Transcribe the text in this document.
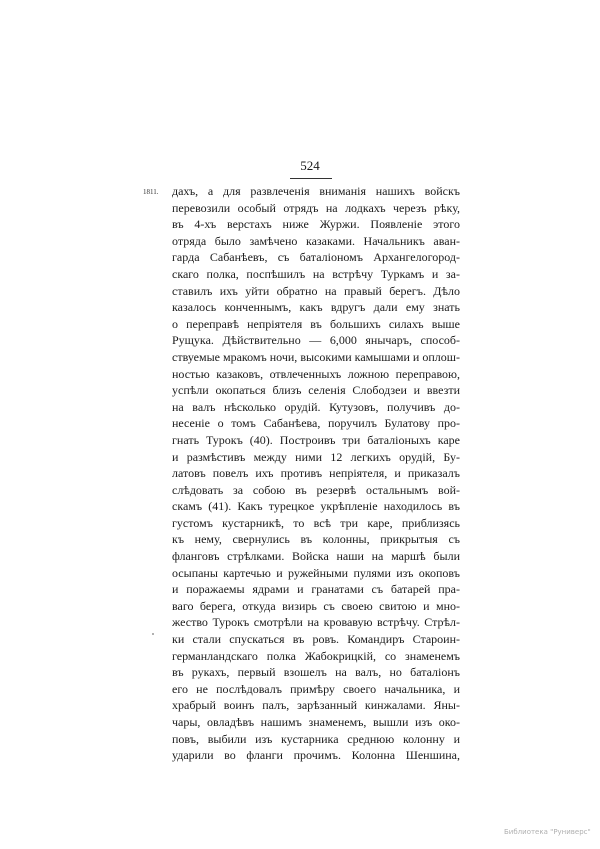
524
1811. дахъ, а для развлеченія вниманія нашихъ войскъ
перевозили особый отрядъ на лодкахъ черезъ рѣку,
въ 4-хъ верстахъ ниже Журжи. Появленіе этого
отряда было замѣчено казаками. Начальникъ аван-
гарда Сабанѣевъ, съ баталіономъ Архангелогород-
скаго полка, поспѣшилъ на встрѣчу Туркамъ и за-
ставилъ ихъ уйти обратно на правый берегъ. Дѣло
казалось конченнымъ, какъ вдругъ дали ему знать
о переправѣ непріятеля въ большихъ силахъ выше
Рущука. Дѣйствительно — 6,000 янычаръ, способ-
ствуемые мракомъ ночи, высокими камышами и оплош-
ностью казаковъ, отвлеченныхъ ложною переправою,
успѣли окопаться близъ селенія Слободзеи и ввезти
на валъ нѣсколько орудій. Кутузовъ, получивъ до-
несеніе о томъ Сабанѣева, поручилъ Булатову про-
гнать Турокъ (40). Построивъ три баталіоныхъ каре
и размѣстивъ между ними 12 легкихъ орудій, Бу-
латовъ повелъ ихъ противъ непріятеля, и приказалъ
слѣдовать за собою въ резервѣ остальнымъ вой-
скамъ (41). Какъ турецкое укрѣпленіе находилось въ
густомъ кустарникѣ, то всѣ три каре, приблизясь
къ нему, свернулись въ колонны, прикрытыя съ
фланговъ стрѣлками. Войска наши на маршѣ были
осыпаны картечью и ружейными пулями изъ окоповъ
и поражаемы ядрами и гранатами съ батарей пра-
ваго берега, откуда визирь съ своею свитою и мно-
жество Турокъ смотрѣли на кровавую встрѣчу. Стрѣл-
ки стали спускаться въ ровъ. Командиръ Староин-
германландскаго полка Жабокрицкій, со знаменемъ
въ рукахъ, первый взошелъ на валъ, но баталіонъ
его не послѣдовалъ примѣру своего начальника, и
храбрый воинъ палъ, зарѣзанный кинжалами. Яны-
чары, овладѣвъ нашимъ знаменемъ, вышли изъ око-
повъ, выбили изъ кустарника среднюю колонну и
ударили во фланги прочимъ. Колонна Шеншина,
Библиотека "Руниверс"
